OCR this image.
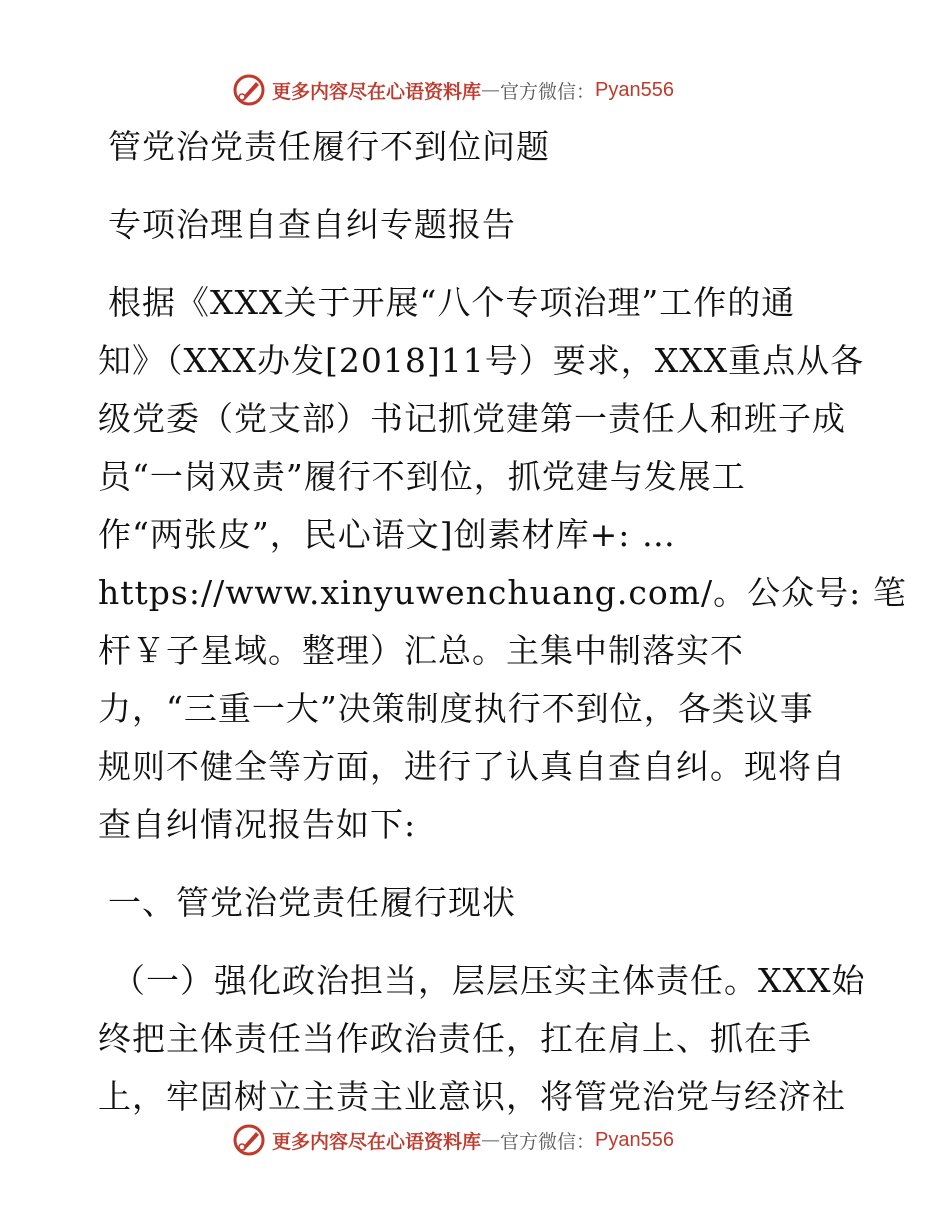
更多内容尽在心语资料库 — 官方微信： Pyan556
管党治党责任履行不到位问题
专项治理自查自纠专题报告
根据《XXX关于开展“八个专项治理”工作的通
知》（XXX办发[2018]11号）要求，XXX重点从各
级党委（党支部）书记抓党建第一责任人和班子成
员“一岗双责”履行不到位，抓党建与发展工
作“两张皮”，民心语文]创素材库+: …
https://www.xinyuwenchuang.com/。公众号: 笔
杆￥子星域。整理）汇总。主集中制落实不
力，“三重一大”决策制度执行不到位，各类议事
规则不健全等方面，进行了认真自查自纠。现将自
查自纠情况报告如下:
一、管党治党责任履行现状
（一）强化政治担当，层层压实主体责任。XXX始
终把主体责任当作政治责任，扛在肩上、抓在手
上，牢固树立主责主业意识，将管党治党与经济社
更多内容尽在心语资料库 — 官方微信： Pyan556
